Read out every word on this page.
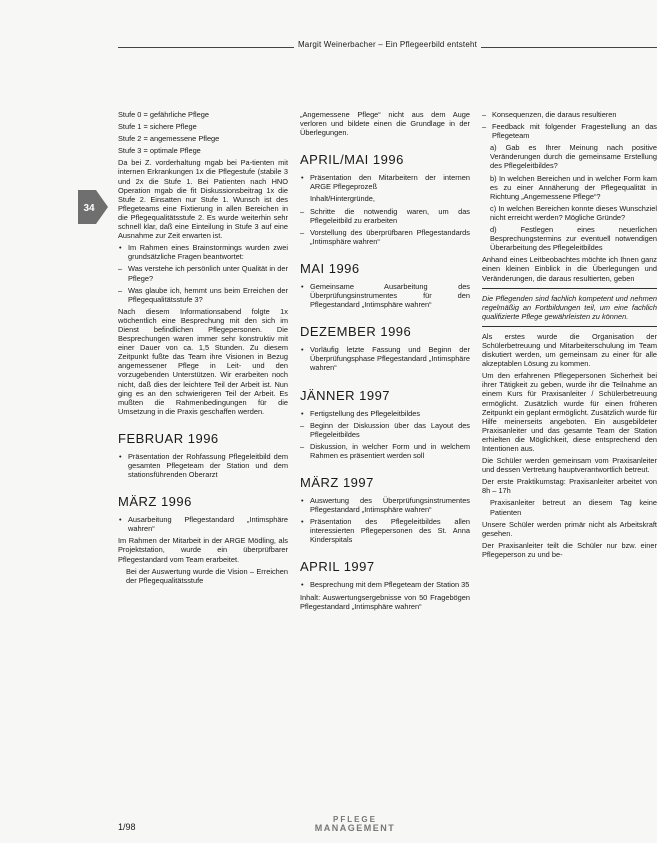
Margit Weinerbacher – Ein Pflegeerbild entsteht
34

Stufe 0 = gefährliche Pflege

Stufe 1 = sichere Pflege

Stufe 2 = angemessene Pflege

Stufe 3 = optimale Pflege

Da bei Z. vorderhaltung mgab bei Pa-tienten mit internen Erkrankungen 1x die Pflegestufe (stabile 3 und 2x die Stufe 1. Bei Patienten nach HNO Operation mgab die fit Diskussionsbeitrag 1x die Stufe 2. Einsatten nur Stufe 1. Wunsch ist des Pflegeteams eine Fixtierung in allen Bereichen in die Pflegequalitätsstufe 2. Es wurde weiterhin sehr schnell klar, daß eine Einteilung in Stufe 3 auf eine Ausnahme zur Zeit erwarten ist.

• Im Rahmen eines Brainstormings wurden zwei grundsätzliche Fragen beantwortet:
– Was verstehe ich persönlich unter Qualität in der Pflege?
– Was glaube ich, hemmt uns beim Erreichen der Pflegequalitätsstufe 3?

Nach diesem Informationsabend folgte 1x wöchentlich eine Besprechung mit den sich im Dienst befindlichen Pflegepersonen. Die Besprechungen waren immer sehr konstruktiv mit einer Dauer von ca. 1,5 Stunden. Zu diesem Zeitpunkt fußte das Team ihre Visionen in Bezug angemessener Pflege in Leit- und den vorzugebenden Unterstützen. Wir erarbeiten noch nicht, daß dies der leichtere Teil der Arbeit ist. Nun ging es an den schwierigeren Teil der Arbeit. Es mußten die Rahmenbedingungen für die Umsetzung in die Praxis geschaffen werden.

FEBRUAR 1996
• Präsentation der Rohfassung Pflegeleitbild dem gesamten Pflegeteam der Station und dem stationsführenden Oberarzt
MÄRZ 1996
• Ausarbeitung Pflegestandard „Intimsphäre wahren“

Im Rahmen der Mitarbeit in der ARGE Mödling, als Projektstation, wurde ein überprüfbarer Pflegestandard vom Team erarbeitet.

Bei der Auswertung wurde die Vision – Erreichen der Pflegequalitätsstufe

„Angemessene Pflege“ nicht aus dem Auge verloren und bildete einen die Grundlage in der Überlegungen.

APRIL/MAI 1996
• Präsentation den Mitarbeitern der internen ARGE Pflegeprozeß
Inhalt/Hintergründe,
– Schritte die notwendig waren, um das Pflegeleitbild zu erarbeiten
– Vorstellung des überprüfbaren Pflegestandards „Intimsphäre wahren“
MAI 1996
• Gemeinsame Ausarbeitung des Überprüfungsinstrumentes für den Pflegestandard „Intimsphäre wahren“
DEZEMBER 1996
• Vorläufig letzte Fassung und Beginn der Überprüfungsphase Pflegestandard „Intimsphäre wahren“
JÄNNER 1997
• Fertigstellung des Pflegeleitbildes
– Beginn der Diskussion über das Layout des Pflegeleitbildes
– Diskussion, in welcher Form und in welchem Rahmen es präsentiert werden soll
MÄRZ 1997
• Auswertung des Überprüfungsinstrumentes Pflegestandard „Intimsphäre wahren“
• Präsentation des Pflegeleitbildes allen interessierten Pflegepersonen des St. Anna Kinderspitals
APRIL 1997
• Besprechung mit dem Pflegeteam der Station 35

Inhalt: Auswertungsergebnisse von 50 Fragebögen Pflegestandard „Intimsphäre wahren“

– Konsequenzen, die daraus resultieren
– Feedback mit folgender Fragestellung an das Pflegeteam

a) Gab es Ihrer Meinung nach positive Veränderungen durch die gemeinsame Erstellung des Pflegeleitbildes?

b) In welchen Bereichen und in welcher Form kam es zu einer Annäherung der Pflegequalität in Richtung „Angemessene Pflege“?

c) In welchen Bereichen konnte dieses Wunschziel nicht erreicht werden? Mögliche Gründe?

d) Festlegen eines neuerlichen Besprechungstermins zur eventuell notwendigen Überarbeitung des Pflegeleitbildes

Anhand eines Leitbeobachtes möchte ich Ihnen ganz einen kleinen Einblick in die Überlegungen und Veränderungen, die daraus resultierten, geben

Die Pflegenden sind fachlich kompetent und nehmen regelmäßig an Fortbildungen teil, um eine fachlich qualifizierte Pflege gewährleisten zu können.

Als erstes wurde die Organisation der Schülerbetreuung und Mitarbeiterschulung im Team diskutiert werden, um gemeinsam zu einer für alle akzeptablen Lösung zu kommen.

Um den erfahrenen Pflegepersonen Sicherheit bei ihrer Tätigkeit zu geben, wurde ihr die Teilnahme an einem Kurs für Praxisanleiter / Schülerbetreuung ermöglicht. Zusätzlich wurde für einen früheren Zeitpunkt ein geplant ermöglicht. Zusätzlich wurde für Hilfe meinerseits angeboten. Ein ausgebildeter Praxisanleiter und das gesamte Team der Station erhielten die Möglichkeit, diese entsprechend den Intentionen aus.

Die Schüler werden gemeinsam vom Praxisanleiter und dessen Vertretung hauptverantwortlich betreut.

Der erste Praktikumstag: Praxisanleiter arbeitet von 8h – 17h

Praxisanleiter betreut an diesem Tag keine Patienten

Unsere Schüler werden primär nicht als Arbeitskraft gesehen.

Der Praxisanleiter teilt die Schüler nur bzw. einer Pflegeperson zu und be-

1/98
PFLEGE
MANAGEMENT
